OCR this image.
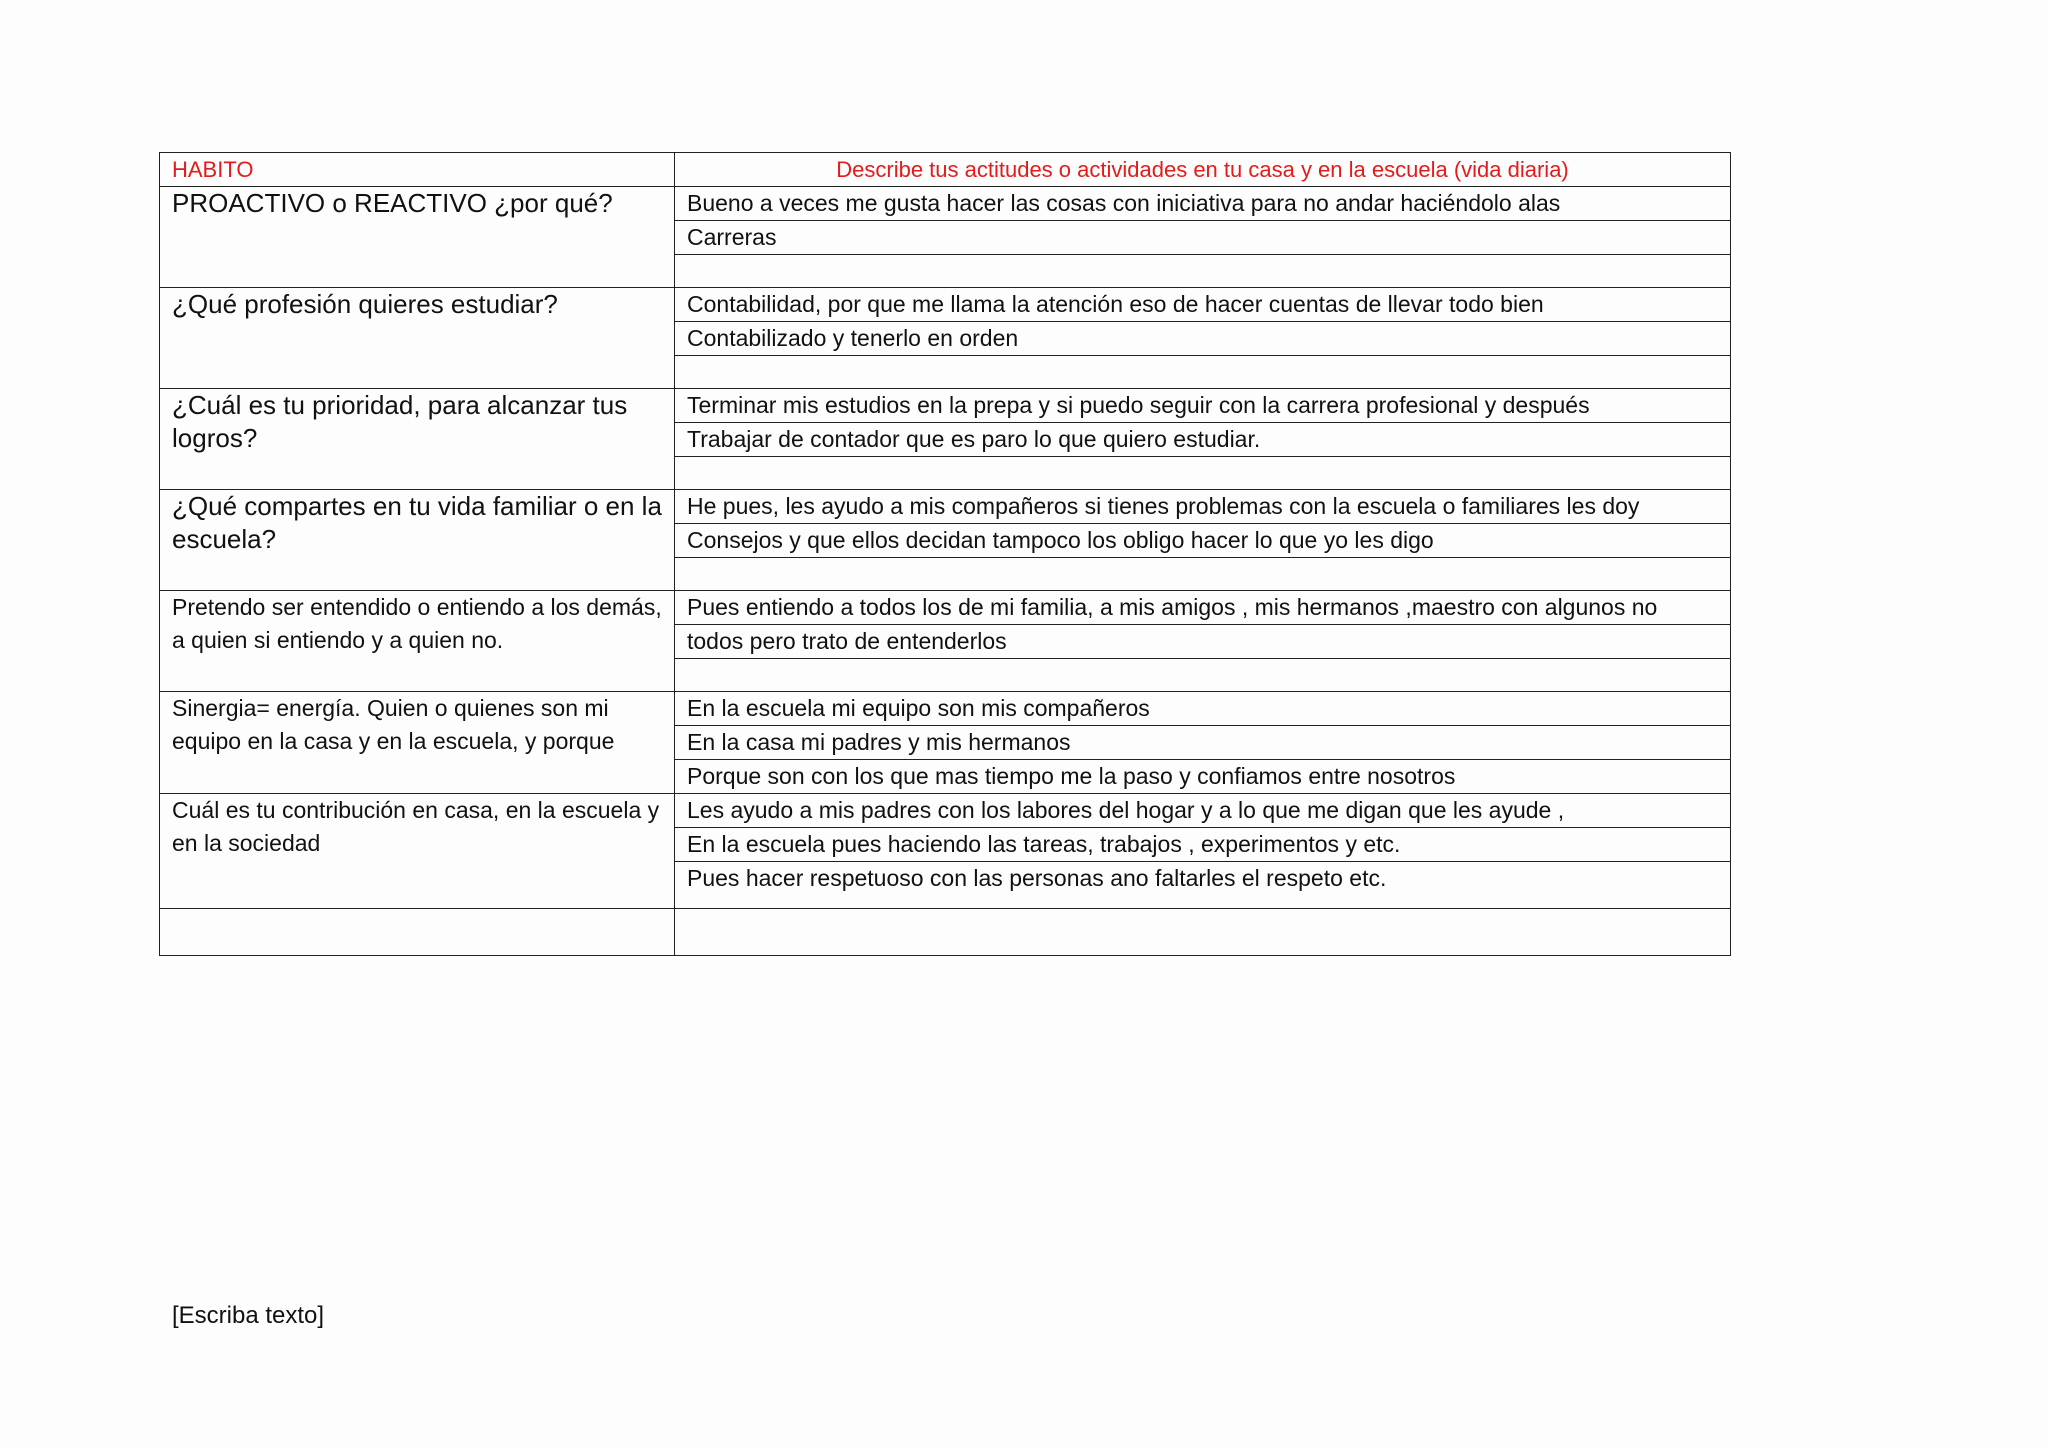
HABITO	Describe tus actitudes o actividades en tu casa y en la escuela (vida diaria)
PROACTIVO o REACTIVO ¿por qué?	Bueno a veces me gusta hacer las cosas con iniciativa para no andar haciéndolo alas
	Carreras

¿Qué profesión quieres estudiar?	Contabilidad, por que me llama la atención eso de hacer cuentas de llevar todo bien
	Contabilizado y tenerlo en orden

¿Cuál es tu prioridad, para alcanzar tus logros?	Terminar mis estudios en la prepa y si puedo seguir con la carrera profesional y después
	Trabajar de contador que es paro lo que quiero estudiar.

¿Qué compartes en tu vida familiar o en la escuela?	He pues, les ayudo a mis compañeros si tienes problemas con la escuela o familiares les doy
	Consejos y que ellos decidan tampoco los obligo hacer lo que yo les digo

Pretendo ser entendido o entiendo a los demás, a quien si entiendo y a quien no.	Pues entiendo a todos los de mi familia, a mis amigos , mis hermanos ,maestro con algunos no
	todos pero trato de entenderlos

Sinergia= energía. Quien o quienes son mi equipo en la casa y en la escuela, y porque	En la escuela mi equipo son mis compañeros
	En la casa mi padres y mis hermanos
	Porque son con los que mas tiempo me la paso y confiamos entre nosotros
Cuál es tu contribución en casa, en la escuela y en la sociedad	Les ayudo a mis padres con los labores del hogar y a lo que me digan que les ayude ,
	En la escuela pues haciendo las tareas, trabajos , experimentos y etc.
	Pues hacer respetuoso con las personas ano faltarles el respeto etc.

[Escriba texto]
